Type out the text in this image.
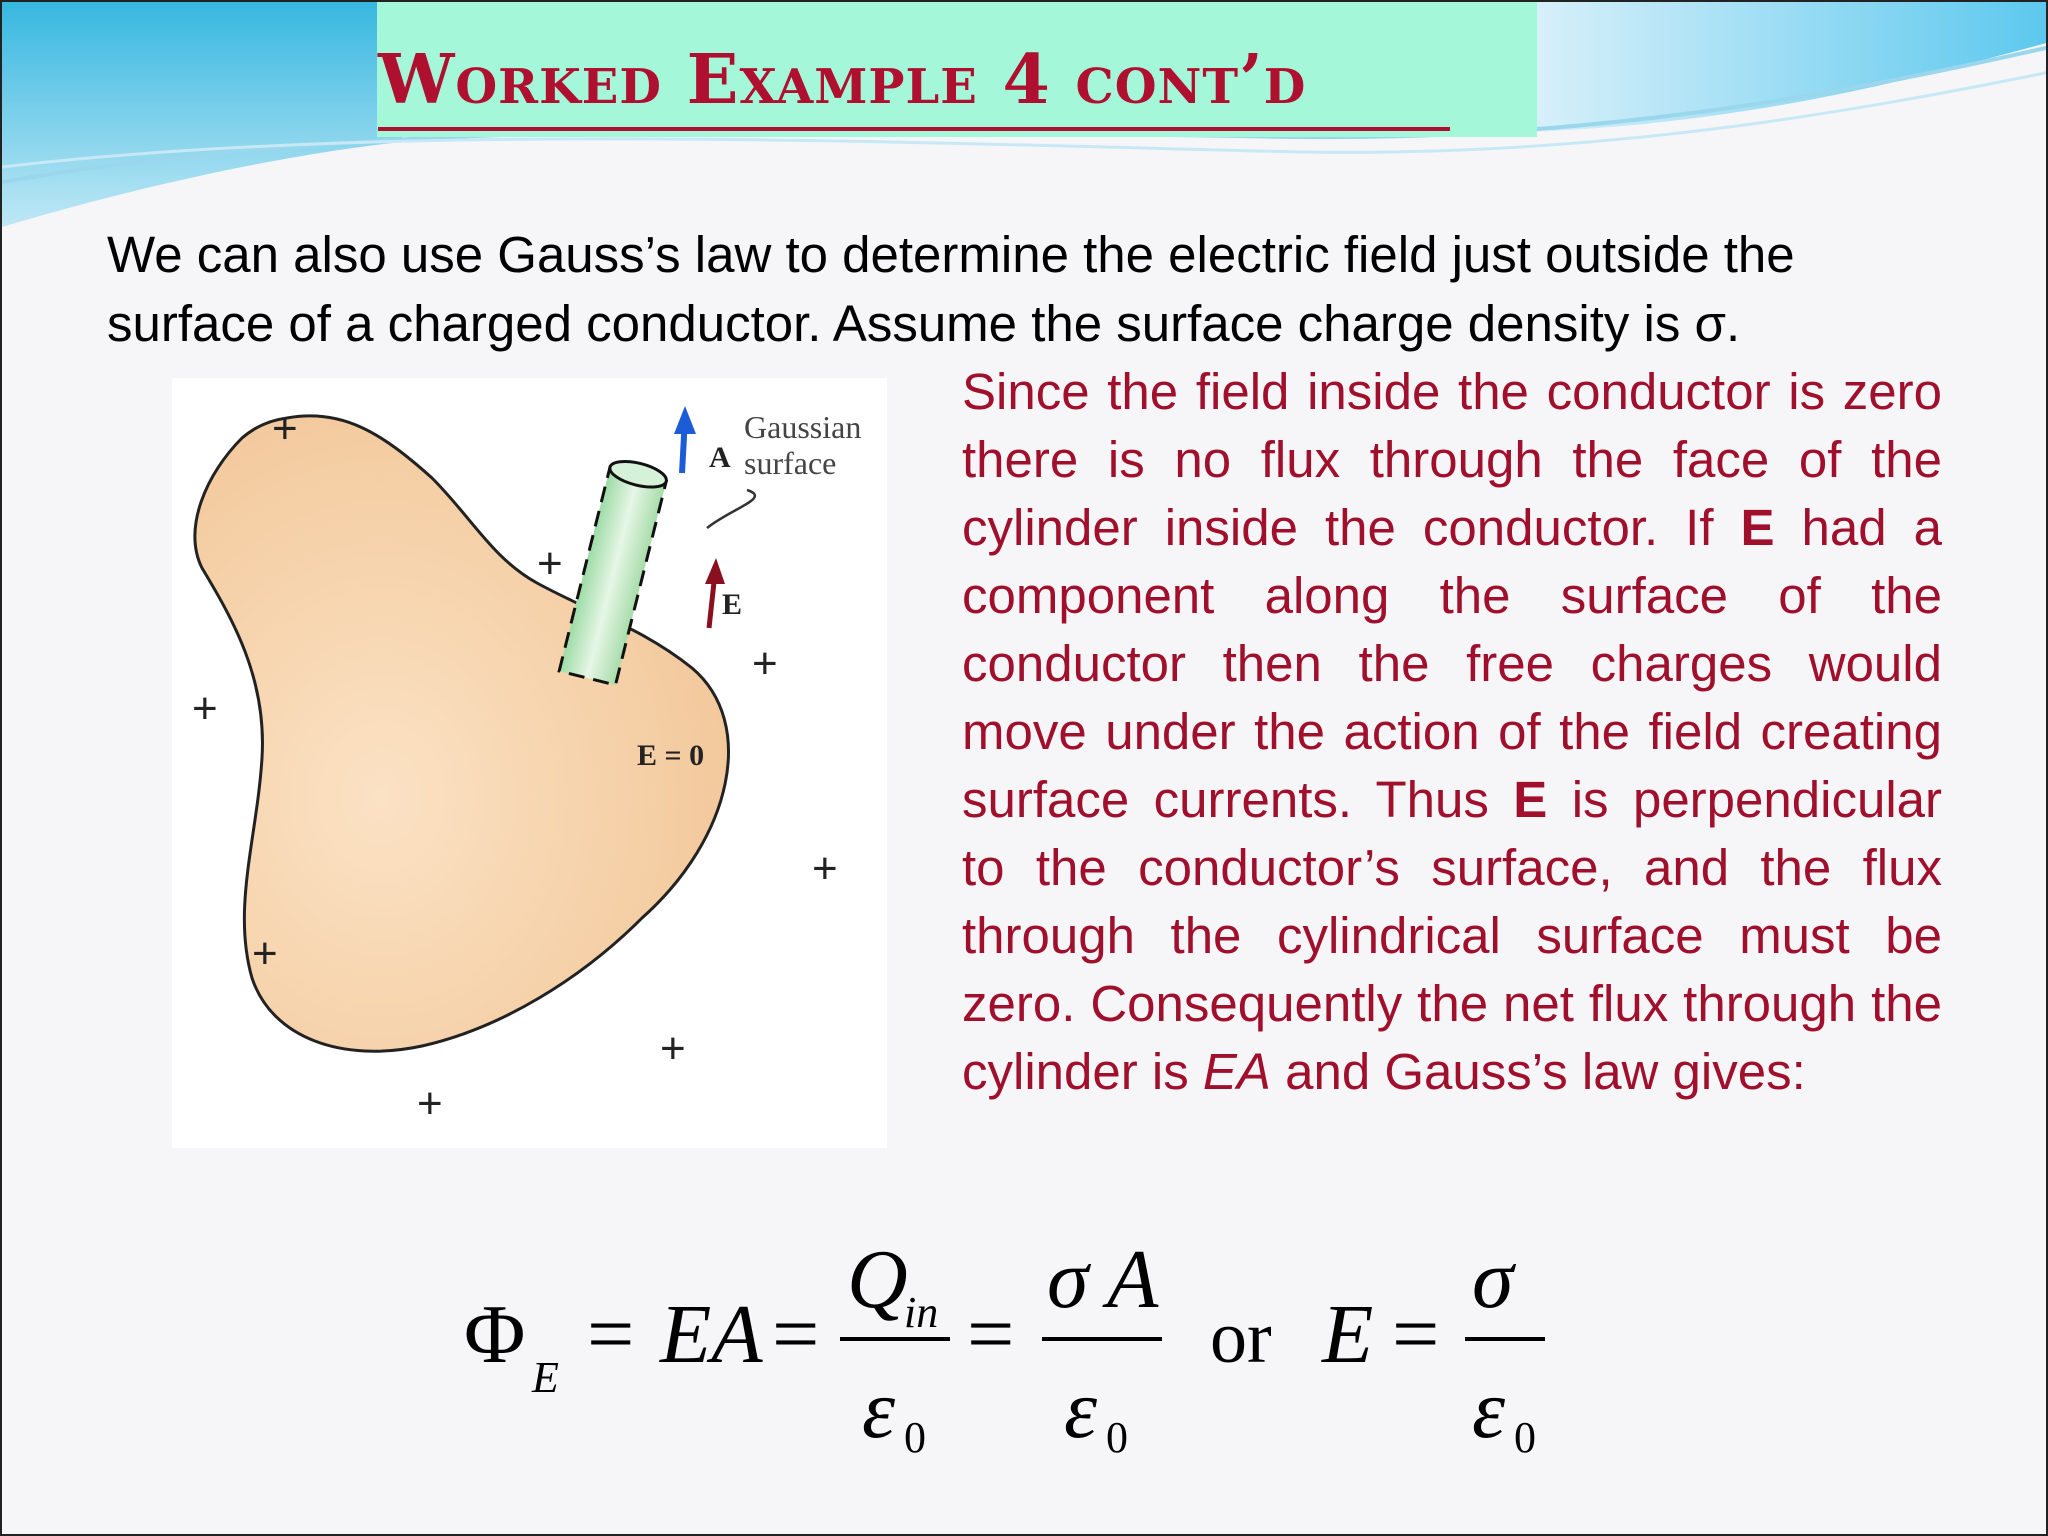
Worked Example 4 cont’d

We can also use Gauss’s law to determine the electric field just outside the surface of a charged conductor. Assume the surface charge density is σ.

A
Gaussian
surface
E
E = 0
+
+
+
+
+
+
+
+

Since the field inside the conductor is zero there is no flux through the face of the cylinder inside the conductor. If E had a component along the surface of the conductor then the free charges would move under the action of the field creating surface currents. Thus E is perpendicular to the conductor’s surface, and the flux through the cylindrical surface must be zero. Consequently the net flux through the cylinder is EA and Gauss’s law gives:

Φ E = EA =
Q
in
ε 0
=
σ A
ε 0
or E =
σ
ε 0
